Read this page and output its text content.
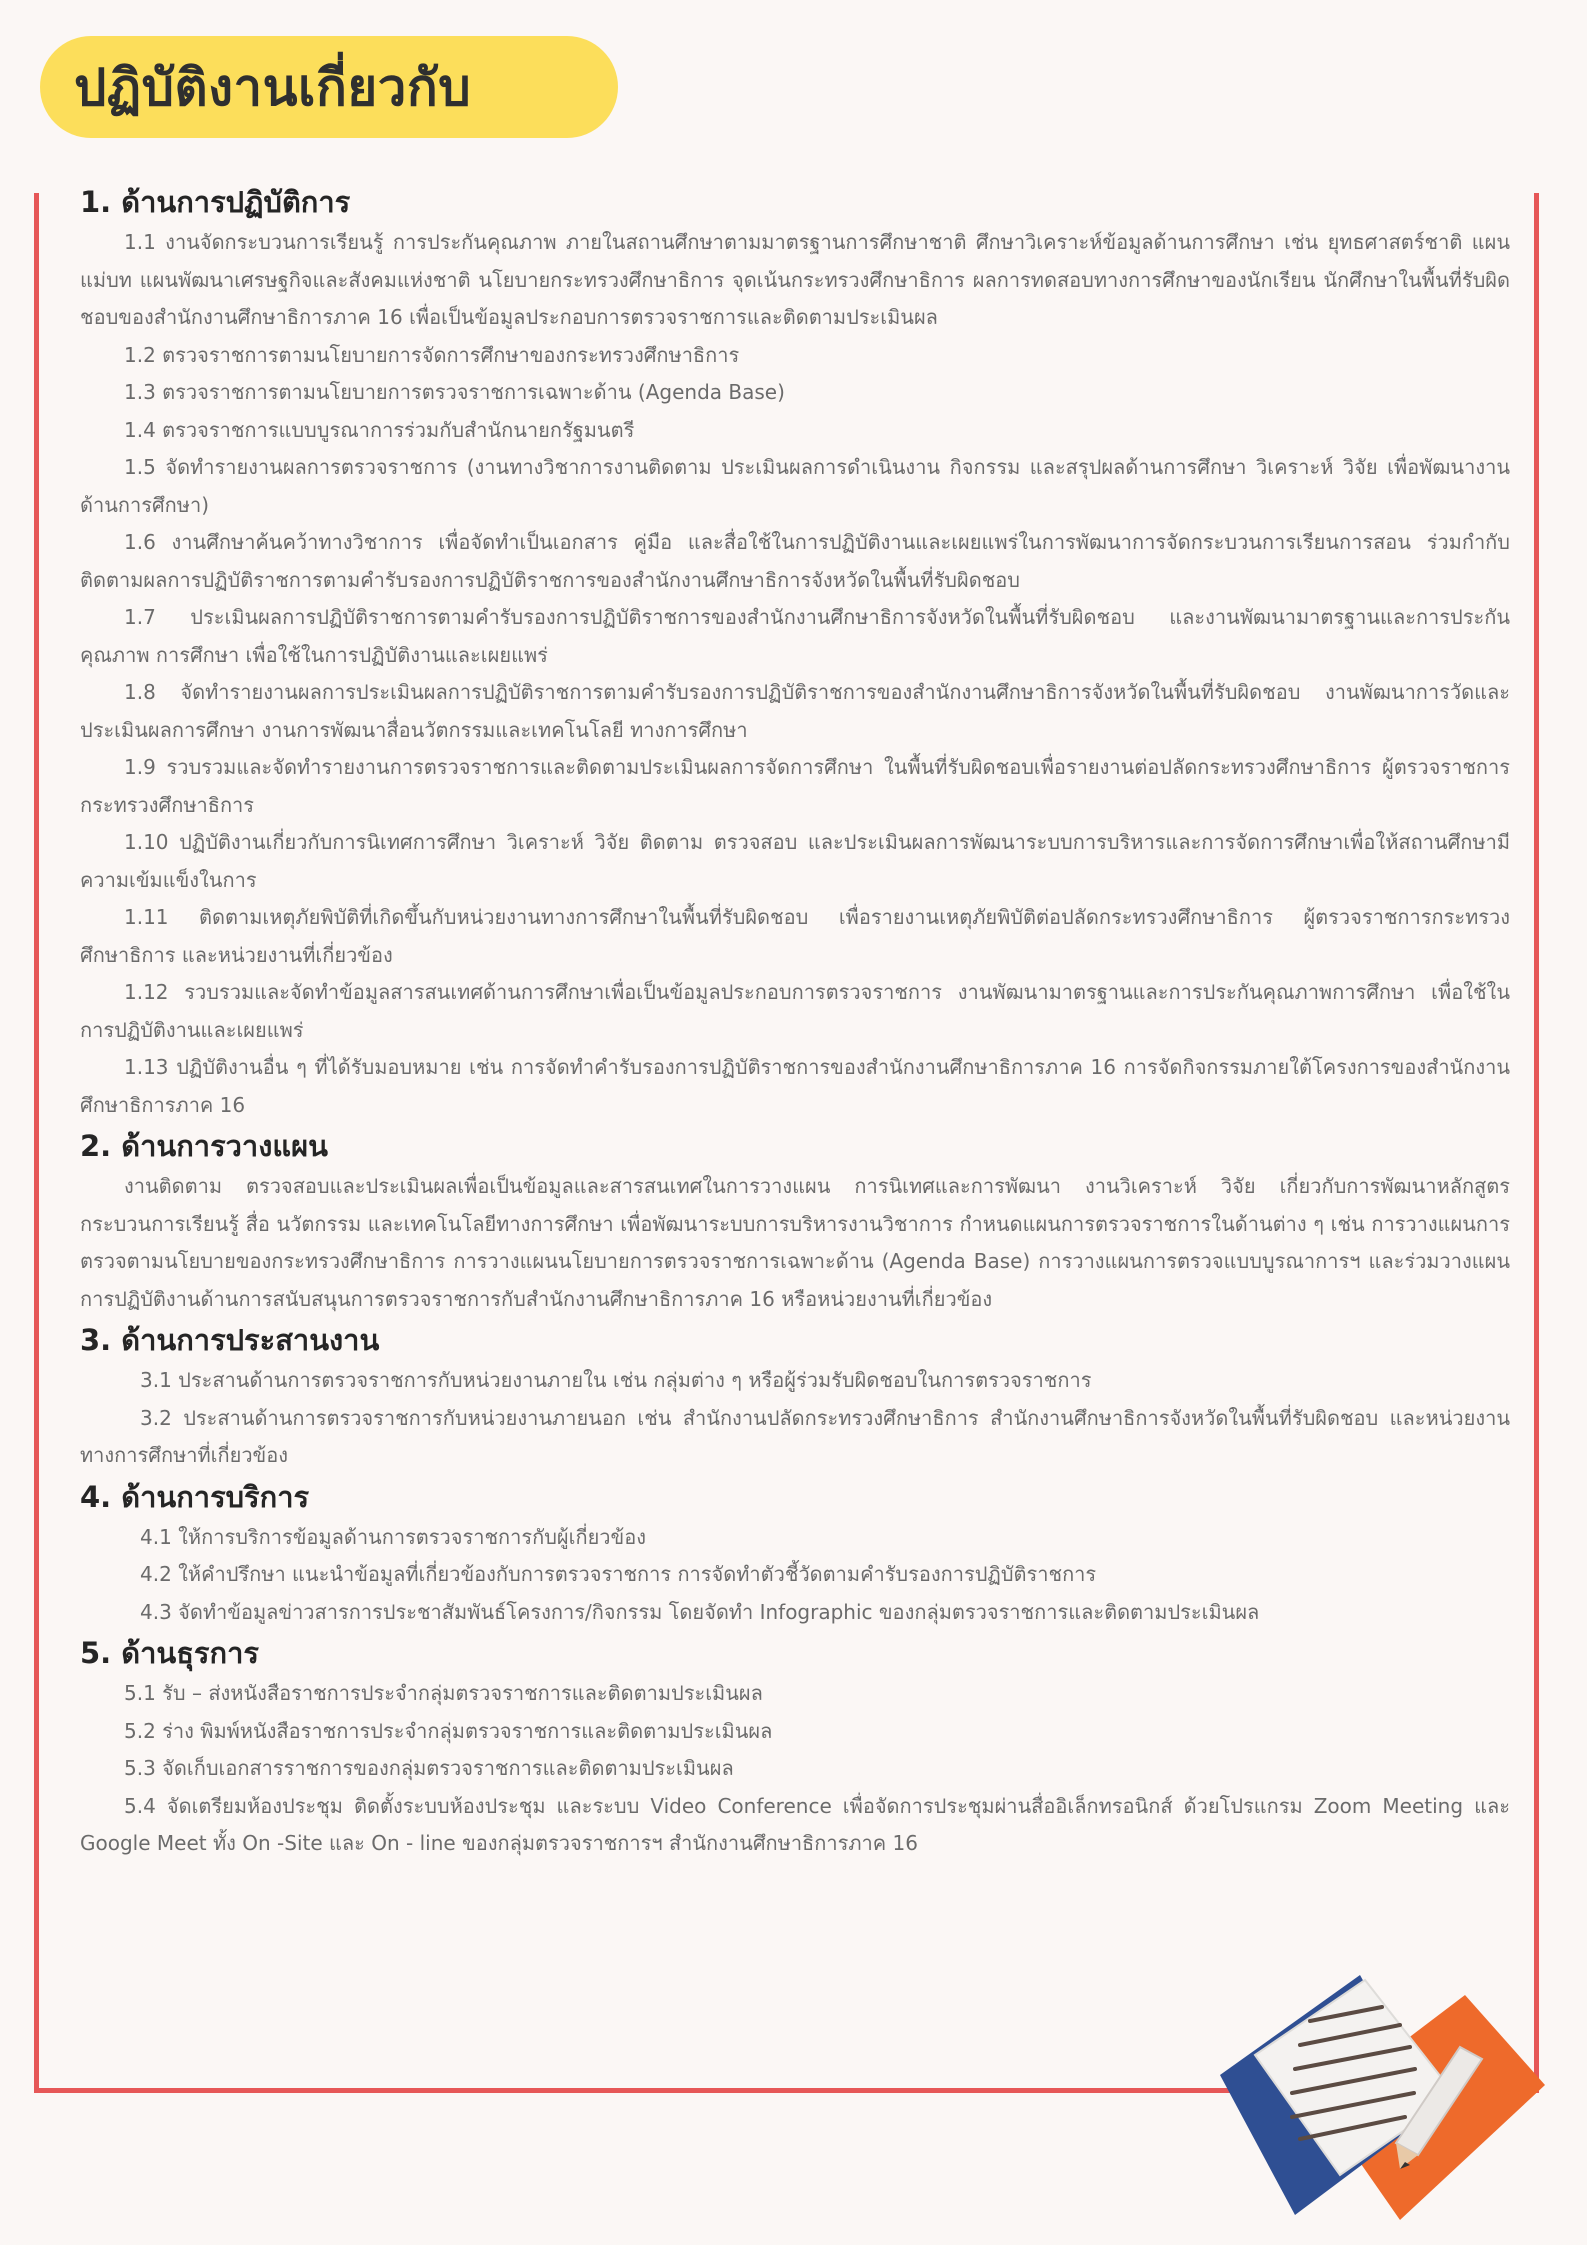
ปฏิบัติงานเกี่ยวกับ
1. ด้านการปฏิบัติการ

1.1 งานจัดกระบวนการเรียนรู้ การประกันคุณภาพ ภายในสถานศึกษาตามมาตรฐานการศึกษาชาติ ศึกษาวิเคราะห์ข้อมูลด้านการศึกษา เช่น ยุทธศาสตร์ชาติ แผนแม่บท แผนพัฒนาเศรษฐกิจและสังคมแห่งชาติ นโยบายกระทรวงศึกษาธิการ จุดเน้นกระทรวงศึกษาธิการ ผลการทดสอบทางการศึกษาของนักเรียน นักศึกษาในพื้นที่รับผิดชอบของสำนักงานศึกษาธิการภาค 16 เพื่อเป็นข้อมูลประกอบการตรวจราชการและติดตามประเมินผล

1.2 ตรวจราชการตามนโยบายการจัดการศึกษาของกระทรวงศึกษาธิการ

1.3 ตรวจราชการตามนโยบายการตรวจราชการเฉพาะด้าน (Agenda Base)

1.4 ตรวจราชการแบบบูรณาการร่วมกับสำนักนายกรัฐมนตรี

1.5 จัดทำรายงานผลการตรวจราชการ (งานทางวิชาการงานติดตาม ประเมินผลการดำเนินงาน กิจกรรม และสรุปผลด้านการศึกษา วิเคราะห์ วิจัย เพื่อพัฒนางานด้านการศึกษา)

1.6 งานศึกษาค้นคว้าทางวิชาการ เพื่อจัดทำเป็นเอกสาร คู่มือ และสื่อใช้ในการปฏิบัติงานและเผยแพร่ในการพัฒนาการจัดกระบวนการเรียนการสอน ร่วมกำกับ ติดตามผลการปฏิบัติราชการตามคำรับรองการปฏิบัติราชการของสำนักงานศึกษาธิการจังหวัดในพื้นที่รับผิดชอบ

1.7 ประเมินผลการปฏิบัติราชการตามคำรับรองการปฏิบัติราชการของสำนักงานศึกษาธิการจังหวัดในพื้นที่รับผิดชอบ และงานพัฒนามาตรฐานและการประกันคุณภาพ การศึกษา เพื่อใช้ในการปฏิบัติงานและเผยแพร่

1.8 จัดทำรายงานผลการประเมินผลการปฏิบัติราชการตามคำรับรองการปฏิบัติราชการของสำนักงานศึกษาธิการจังหวัดในพื้นที่รับผิดชอบ งานพัฒนาการวัดและประเมินผลการศึกษา งานการพัฒนาสื่อนวัตกรรมและเทคโนโลยี ทางการศึกษา

1.9 รวบรวมและจัดทำรายงานการตรวจราชการและติดตามประเมินผลการจัดการศึกษา ในพื้นที่รับผิดชอบเพื่อรายงานต่อปลัดกระทรวงศึกษาธิการ ผู้ตรวจราชการกระทรวงศึกษาธิการ

1.10 ปฏิบัติงานเกี่ยวกับการนิเทศการศึกษา วิเคราะห์ วิจัย ติดตาม ตรวจสอบ และประเมินผลการพัฒนาระบบการบริหารและการจัดการศึกษาเพื่อให้สถานศึกษามีความเข้มแข็งในการ

1.11 ติดตามเหตุภัยพิบัติที่เกิดขึ้นกับหน่วยงานทางการศึกษาในพื้นที่รับผิดชอบ เพื่อรายงานเหตุภัยพิบัติต่อปลัดกระทรวงศึกษาธิการ ผู้ตรวจราชการกระทรวงศึกษาธิการ และหน่วยงานที่เกี่ยวข้อง

1.12 รวบรวมและจัดทำข้อมูลสารสนเทศด้านการศึกษาเพื่อเป็นข้อมูลประกอบการตรวจราชการ งานพัฒนามาตรฐานและการประกันคุณภาพการศึกษา เพื่อใช้ในการปฏิบัติงานและเผยแพร่

1.13 ปฏิบัติงานอื่น ๆ ที่ได้รับมอบหมาย เช่น การจัดทำคำรับรองการปฏิบัติราชการของสำนักงานศึกษาธิการภาค 16 การจัดกิจกรรมภายใต้โครงการของสำนักงานศึกษาธิการภาค 16

2. ด้านการวางแผน

งานติดตาม ตรวจสอบและประเมินผลเพื่อเป็นข้อมูลและสารสนเทศในการวางแผน การนิเทศและการพัฒนา งานวิเคราะห์ วิจัย เกี่ยวกับการพัฒนาหลักสูตรกระบวนการเรียนรู้ สื่อ นวัตกรรม และเทคโนโลยีทางการศึกษา เพื่อพัฒนาระบบการบริหารงานวิชาการ กำหนดแผนการตรวจราชการในด้านต่าง ๆ เช่น การวางแผนการตรวจตามนโยบายของกระทรวงศึกษาธิการ การวางแผนนโยบายการตรวจราชการเฉพาะด้าน (Agenda Base) การวางแผนการตรวจแบบบูรณาการฯ และร่วมวางแผนการปฏิบัติงานด้านการสนับสนุนการตรวจราชการกับสำนักงานศึกษาธิการภาค 16 หรือหน่วยงานที่เกี่ยวข้อง

3. ด้านการประสานงาน

3.1 ประสานด้านการตรวจราชการกับหน่วยงานภายใน เช่น กลุ่มต่าง ๆ หรือผู้ร่วมรับผิดชอบในการตรวจราชการ

3.2 ประสานด้านการตรวจราชการกับหน่วยงานภายนอก เช่น สำนักงานปลัดกระทรวงศึกษาธิการ สำนักงานศึกษาธิการจังหวัดในพื้นที่รับผิดชอบ และหน่วยงานทางการศึกษาที่เกี่ยวข้อง

4. ด้านการบริการ

4.1 ให้การบริการข้อมูลด้านการตรวจราชการกับผู้เกี่ยวข้อง

4.2 ให้คำปรึกษา แนะนำข้อมูลที่เกี่ยวข้องกับการตรวจราชการ การจัดทำตัวชี้วัดตามคำรับรองการปฏิบัติราชการ

4.3 จัดทำข้อมูลข่าวสารการประชาสัมพันธ์โครงการ/กิจกรรม โดยจัดทำ Infographic ของกลุ่มตรวจราชการและติดตามประเมินผล

5. ด้านธุรการ

5.1 รับ – ส่งหนังสือราชการประจำกลุ่มตรวจราชการและติดตามประเมินผล

5.2 ร่าง พิมพ์หนังสือราชการประจำกลุ่มตรวจราชการและติดตามประเมินผล

5.3 จัดเก็บเอกสารราชการของกลุ่มตรวจราชการและติดตามประเมินผล

5.4 จัดเตรียมห้องประชุม ติดตั้งระบบห้องประชุม และระบบ Video Conference เพื่อจัดการประชุมผ่านสื่ออิเล็กทรอนิกส์ ด้วยโปรแกรม Zoom Meeting และ Google Meet ทั้ง On -Site และ On - line ของกลุ่มตรวจราชการฯ สำนักงานศึกษาธิการภาค 16
